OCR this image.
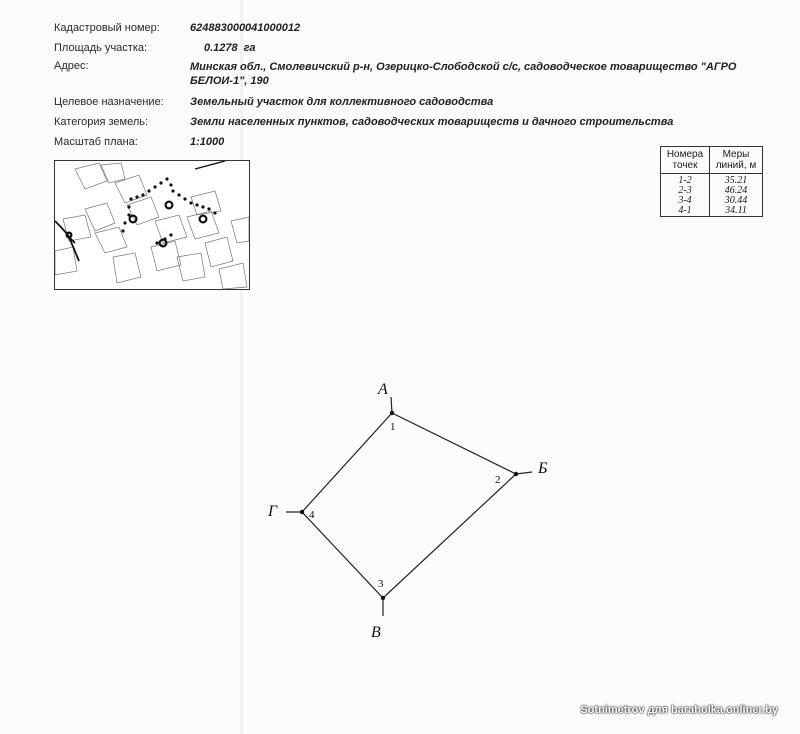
Кадастровый номер:	624883000041000012
Площадь участка:	0.1278 га
Адрес:	Минская обл., Смолевичский р-н, Озерицко-Слободской с/с, садоводческое товарищество "АГРО БЕЛОИ-1", 190
Целевое назначение: Земельный участок для коллективного садоводства
Категория земель:	Земли населенных пунктов, садоводческих товариществ и дачного строительства
Масштаб плана:	1:1000
.
.
.
.
.
.
Номера точек	Меры линий, м
1-2	35.21
2-3	46.24
3-4	30.44
4-1	34.11
А
Б
В
Г
1
2
3
4
Sotnimetrov для baraholka.onliner.by
